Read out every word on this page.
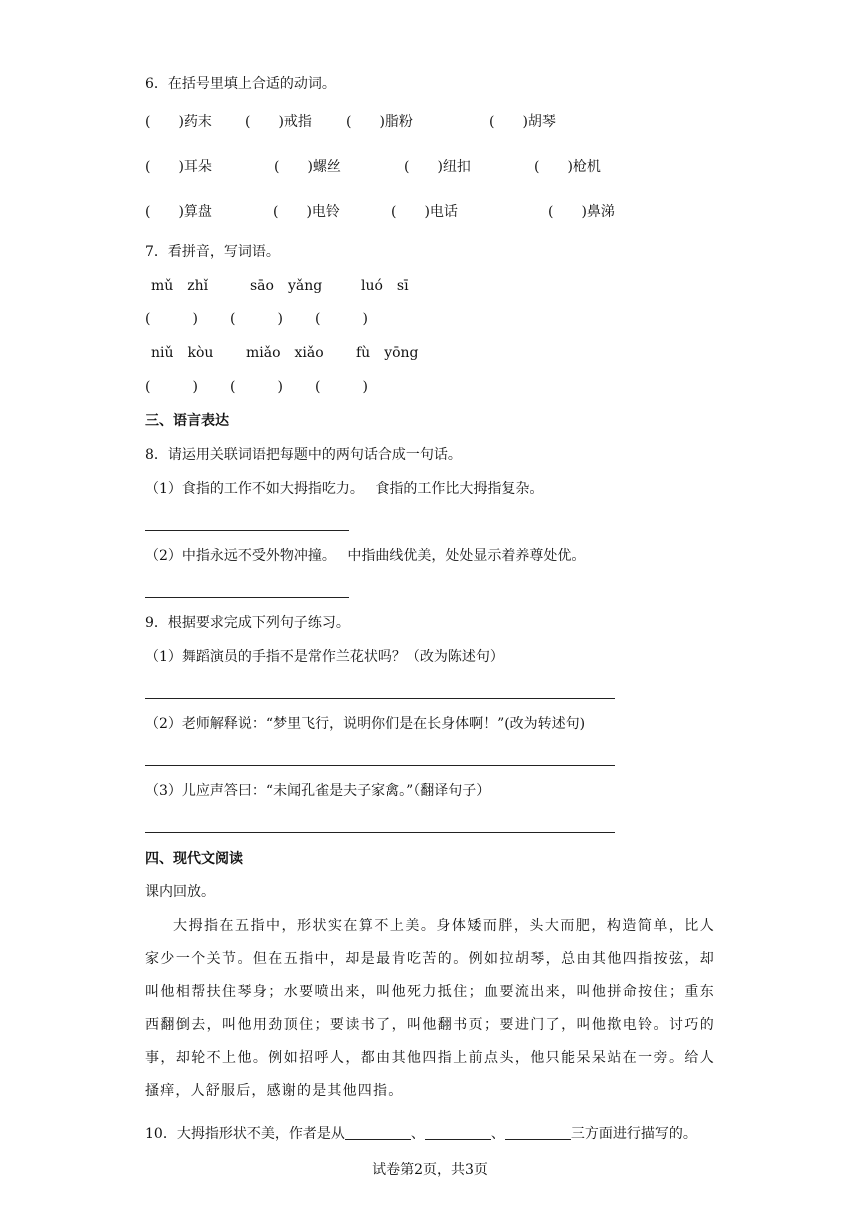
6．在括号里填上合适的动词。
(　　)药末 (　　)戒指 (　　)脂粉	(　　)胡琴
(　　)耳朵	(　　)螺丝	(　　)纽扣	(　　)枪机
(　　)算盘	(　　)电铃	(　　)电话	(　　)鼻涕
7．看拼音，写词语。
mǔ　zhǐ	sāo　yǎng	luó　sī
(　　　) (　　　) (　　　)
niǔ　kòu miǎo　xiǎo fù　yōng
(　　　) (　　　) (　　　)
三、语言表达
8．请运用关联词语把每题中的两句话合成一句话。
（1）食指的工作不如大拇指吃力。　 食指的工作比大拇指复杂。
（2）中指永远不受外物冲撞。　 中指曲线优美，处处显示着养尊处优。
9．根据要求完成下列句子练习。
（1）舞蹈演员的手指不是常作兰花状吗？（改为陈述句）
（2）老师解释说：“梦里飞行，说明你们是在长身体啊！”(改为转述句)
（3）儿应声答曰：“未闻孔雀是夫子家禽。”（翻译句子）
四、现代文阅读
课内回放。
大拇指在五指中，形状实在算不上美。身体矮而胖，头大而肥，构造简单，比人家少一个关节。但在五指中，却是最肯吃苦的。例如拉胡琴，总由其他四指按弦，却叫他相帮扶住琴身；水要喷出来，叫他死力抵住；血要流出来，叫他拼命按住；重东西翻倒去，叫他用劲顶住；要读书了，叫他翻书页；要进门了，叫他揿电铃。讨巧的事，却轮不上他。例如招呼人，都由其他四指上前点头，他只能呆呆站在一旁。给人搔痒，人舒服后，感谢的是其他四指。
10．大拇指形状不美，作者是从	、	、	三方面进行描写的。
试卷第2页，共3页
